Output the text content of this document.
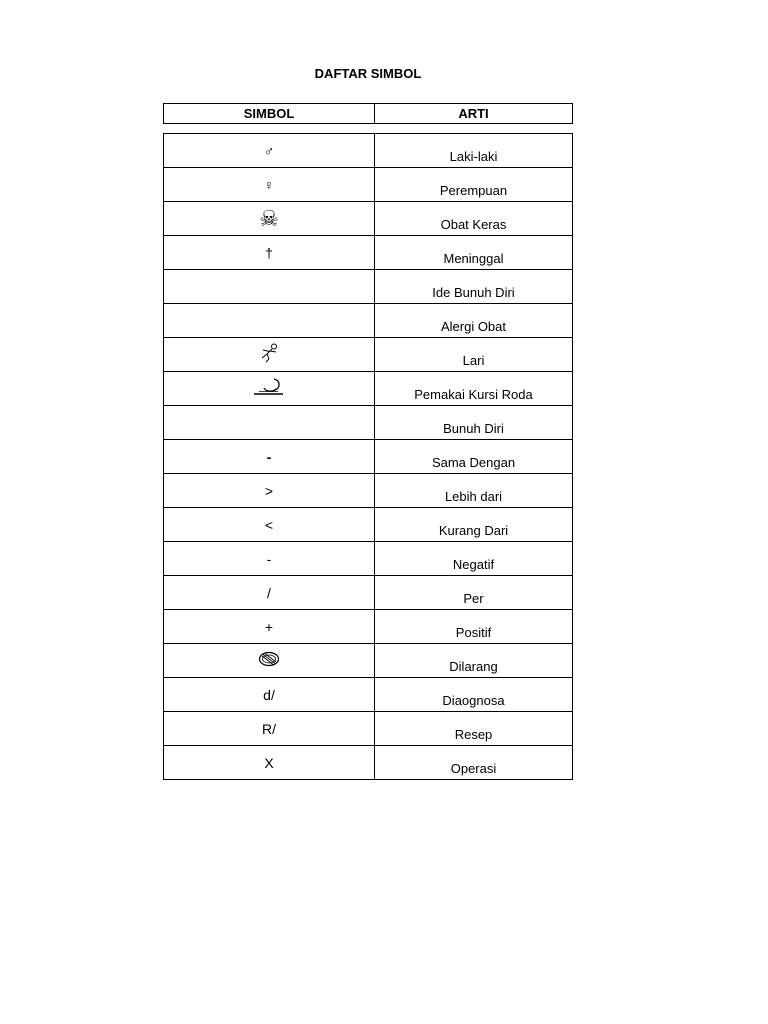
DAFTAR SIMBOL
SIMBOL	ARTI
♂	Laki-laki
♀	Perempuan
☠	Obat Keras
†	Meninggal
	Ide Bunuh Diri
	Alergi Obat

	Lari

	Pemakai Kursi Roda
	Bunuh Diri
-	Sama Dengan
>	Lebih dari
<	Kurang Dari
-	Negatif
/	Per
+	Positif

	Dilarang
d/	Diaognosa
R/	Resep
X	Operasi
